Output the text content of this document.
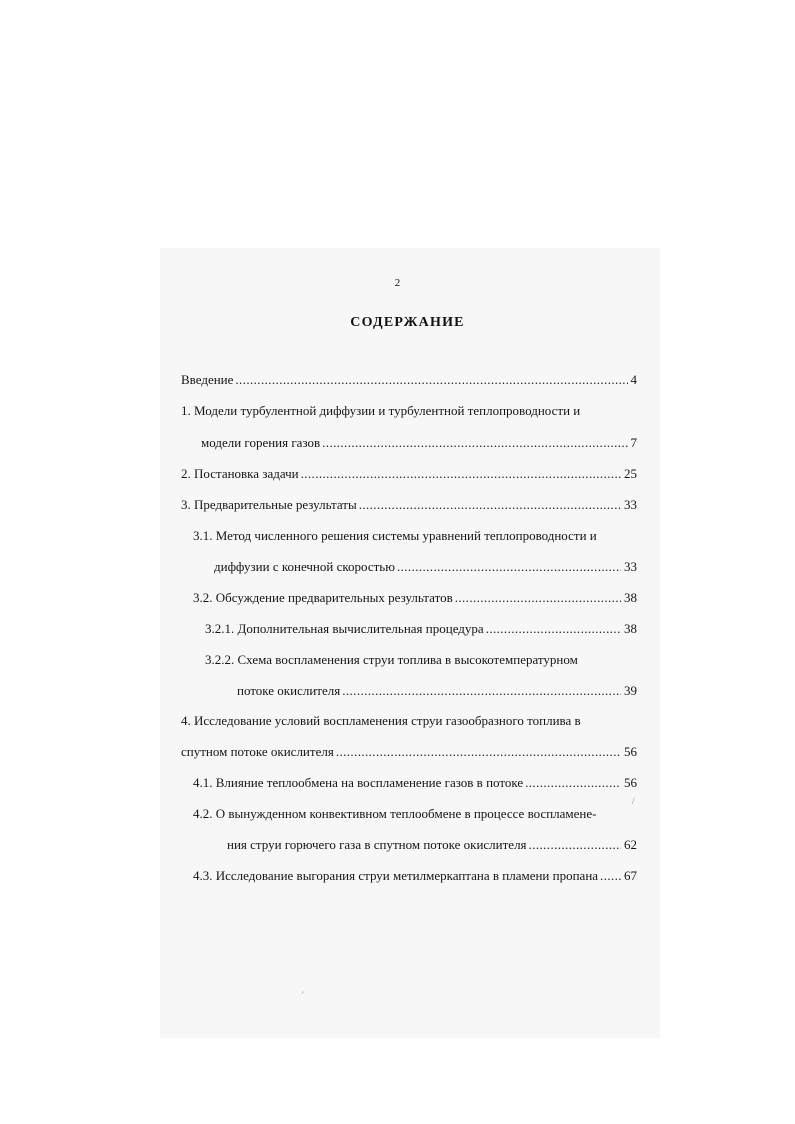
2
СОДЕРЖАНИЕ
Введение .....	4
1. Модели турбулентной диффузии и турбулентной теплопроводности и
модели горения газов .....	7
2. Постановка задачи .....	25
3. Предварительные результаты .....	33
3.1. Метод численного решения системы уравнений теплопроводности и
диффузии с конечной скоростью .....	33
3.2. Обсуждение предварительных результатов .....	38
3.2.1. Дополнительная вычислительная процедура .....	38
3.2.2. Схема воспламенения струи топлива в высокотемпературном
потоке окислителя .....	39
4. Исследование условий воспламенения струи газообразного топлива в
спутном потоке окислителя .....	56
4.1. Влияние теплообмена на воспламенение газов в потоке .....	56
4.2. О вынужденном конвективном теплообмене в процессе воспламене-
ния струи горючего газа в спутном потоке окислителя .....	62
4.3. Исследование выгорания струи метилмеркаптана в пламени пропана ..... 67
/
′
